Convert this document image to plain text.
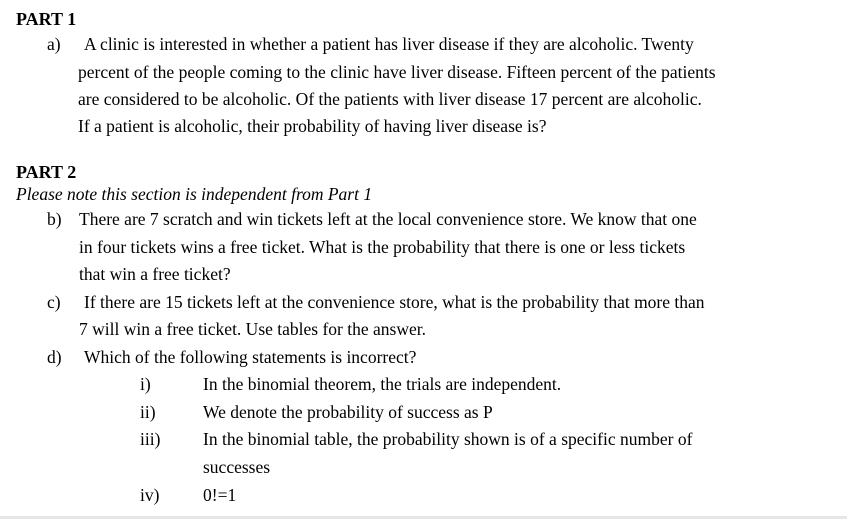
PART 1
a) A clinic is interested in whether a patient has liver disease if they are alcoholic. Twenty
percent of the people coming to the clinic have liver disease. Fifteen percent of the patients
are considered to be alcoholic. Of the patients with liver disease 17 percent are alcoholic.
If a patient is alcoholic, their probability of having liver disease is?
PART 2
Please note this section is independent from Part 1
b) There are 7 scratch and win tickets left at the local convenience store. We know that one
in four tickets wins a free ticket. What is the probability that there is one or less tickets
that win a free ticket?
c) If there are 15 tickets left at the convenience store, what is the probability that more than
7 will win a free ticket. Use tables for the answer.
d) Which of the following statements is incorrect?
i)	In the binomial theorem, the trials are independent.
ii)	We denote the probability of success as P
iii) In the binomial table, the probability shown is of a specific number of
successes
iv) 0!=1
